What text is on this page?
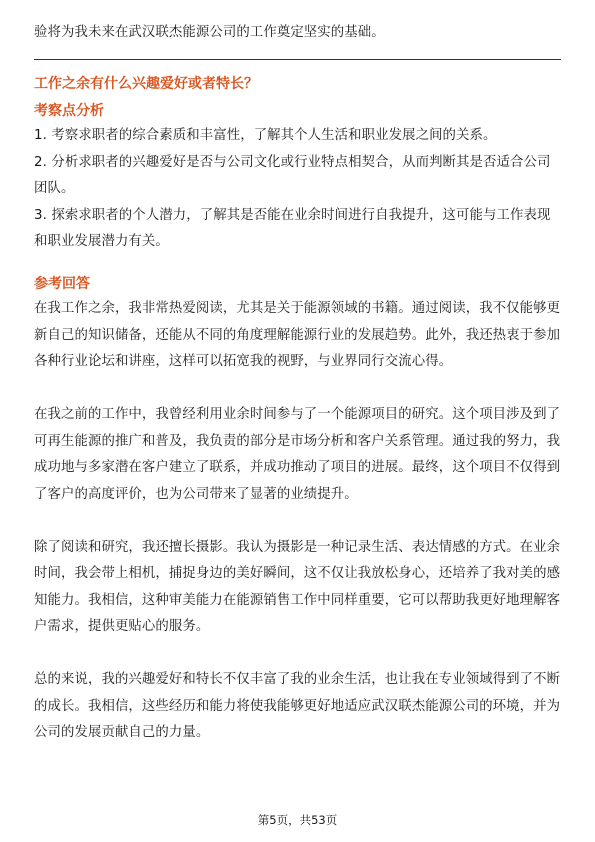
验将为我未来在武汉联杰能源公司的工作奠定坚实的基础。

工作之余有什么兴趣爱好或者特长？

考察点分析

1. 考察求职者的综合素质和丰富性，了解其个人生活和职业发展之间的关系。

2. 分析求职者的兴趣爱好是否与公司文化或行业特点相契合，从而判断其是否适合公司团队。

3. 探索求职者的个人潜力，了解其是否能在业余时间进行自我提升，这可能与工作表现和职业发展潜力有关。

参考回答

在我工作之余，我非常热爱阅读，尤其是关于能源领域的书籍。通过阅读，我不仅能够更新自己的知识储备，还能从不同的角度理解能源行业的发展趋势。此外，我还热衷于参加各种行业论坛和讲座，这样可以拓宽我的视野，与业界同行交流心得。

在我之前的工作中，我曾经利用业余时间参与了一个能源项目的研究。这个项目涉及到了可再生能源的推广和普及，我负责的部分是市场分析和客户关系管理。通过我的努力，我成功地与多家潜在客户建立了联系，并成功推动了项目的进展。最终，这个项目不仅得到了客户的高度评价，也为公司带来了显著的业绩提升。

除了阅读和研究，我还擅长摄影。我认为摄影是一种记录生活、表达情感的方式。在业余时间，我会带上相机，捕捉身边的美好瞬间，这不仅让我放松身心，还培养了我对美的感知能力。我相信，这种审美能力在能源销售工作中同样重要，它可以帮助我更好地理解客户需求，提供更贴心的服务。

总的来说，我的兴趣爱好和特长不仅丰富了我的业余生活，也让我在专业领域得到了不断的成长。我相信，这些经历和能力将使我能够更好地适应武汉联杰能源公司的环境，并为公司的发展贡献自己的力量。

第5页，共53页
